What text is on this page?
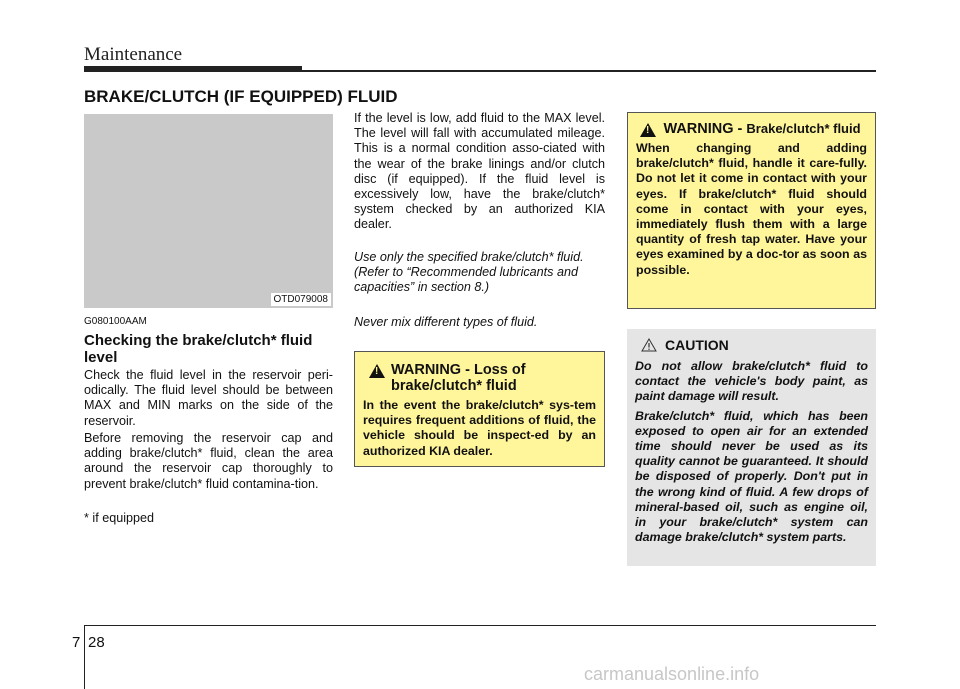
Maintenance
BRAKE/CLUTCH (IF EQUIPPED) FLUID
OTD079008
G080100AAM
Checking the brake/clutch* fluid level

Check the fluid level in the reservoir peri-odically. The fluid level should be between MAX and MIN marks on the side of the reservoir.

Before removing the reservoir cap and adding brake/clutch* fluid, clean the area around the reservoir cap thoroughly to prevent brake/clutch* fluid contamina-tion.

* if equipped

If the level is low, add fluid to the MAX level. The level will fall with accumulated mileage. This is a normal condition asso-ciated with the wear of the brake linings and/or clutch disc (if equipped). If the fluid level is excessively low, have the brake/clutch* system checked by an authorized KIA dealer.

Use only the specified brake/clutch* fluid. (Refer to “Recommended lubricants and capacities” in section 8.)

Never mix different types of fluid.

!
WARNING - Loss of brake/clutch* fluid

In the event the brake/clutch* sys-tem requires frequent additions of fluid, the vehicle should be inspect-ed by an authorized KIA dealer.

!
WARNING - Brake/clutch* fluid

When changing and adding brake/clutch* fluid, handle it care-fully. Do not let it come in contact with your eyes. If brake/clutch* fluid should come in contact with your eyes, immediately flush them with a large quantity of fresh tap water. Have your eyes examined by a doc-tor as soon as possible.

CAUTION

Do not allow brake/clutch* fluid to contact the vehicle's body paint, as paint damage will result.

Brake/clutch* fluid, which has been exposed to open air for an extended time should never be used as its quality cannot be guaranteed. It should be disposed of properly. Don't put in the wrong kind of fluid. A few drops of mineral-based oil, such as engine oil, in your brake/clutch* system can damage brake/clutch* system parts.

7 28
carmanualsonline.info
